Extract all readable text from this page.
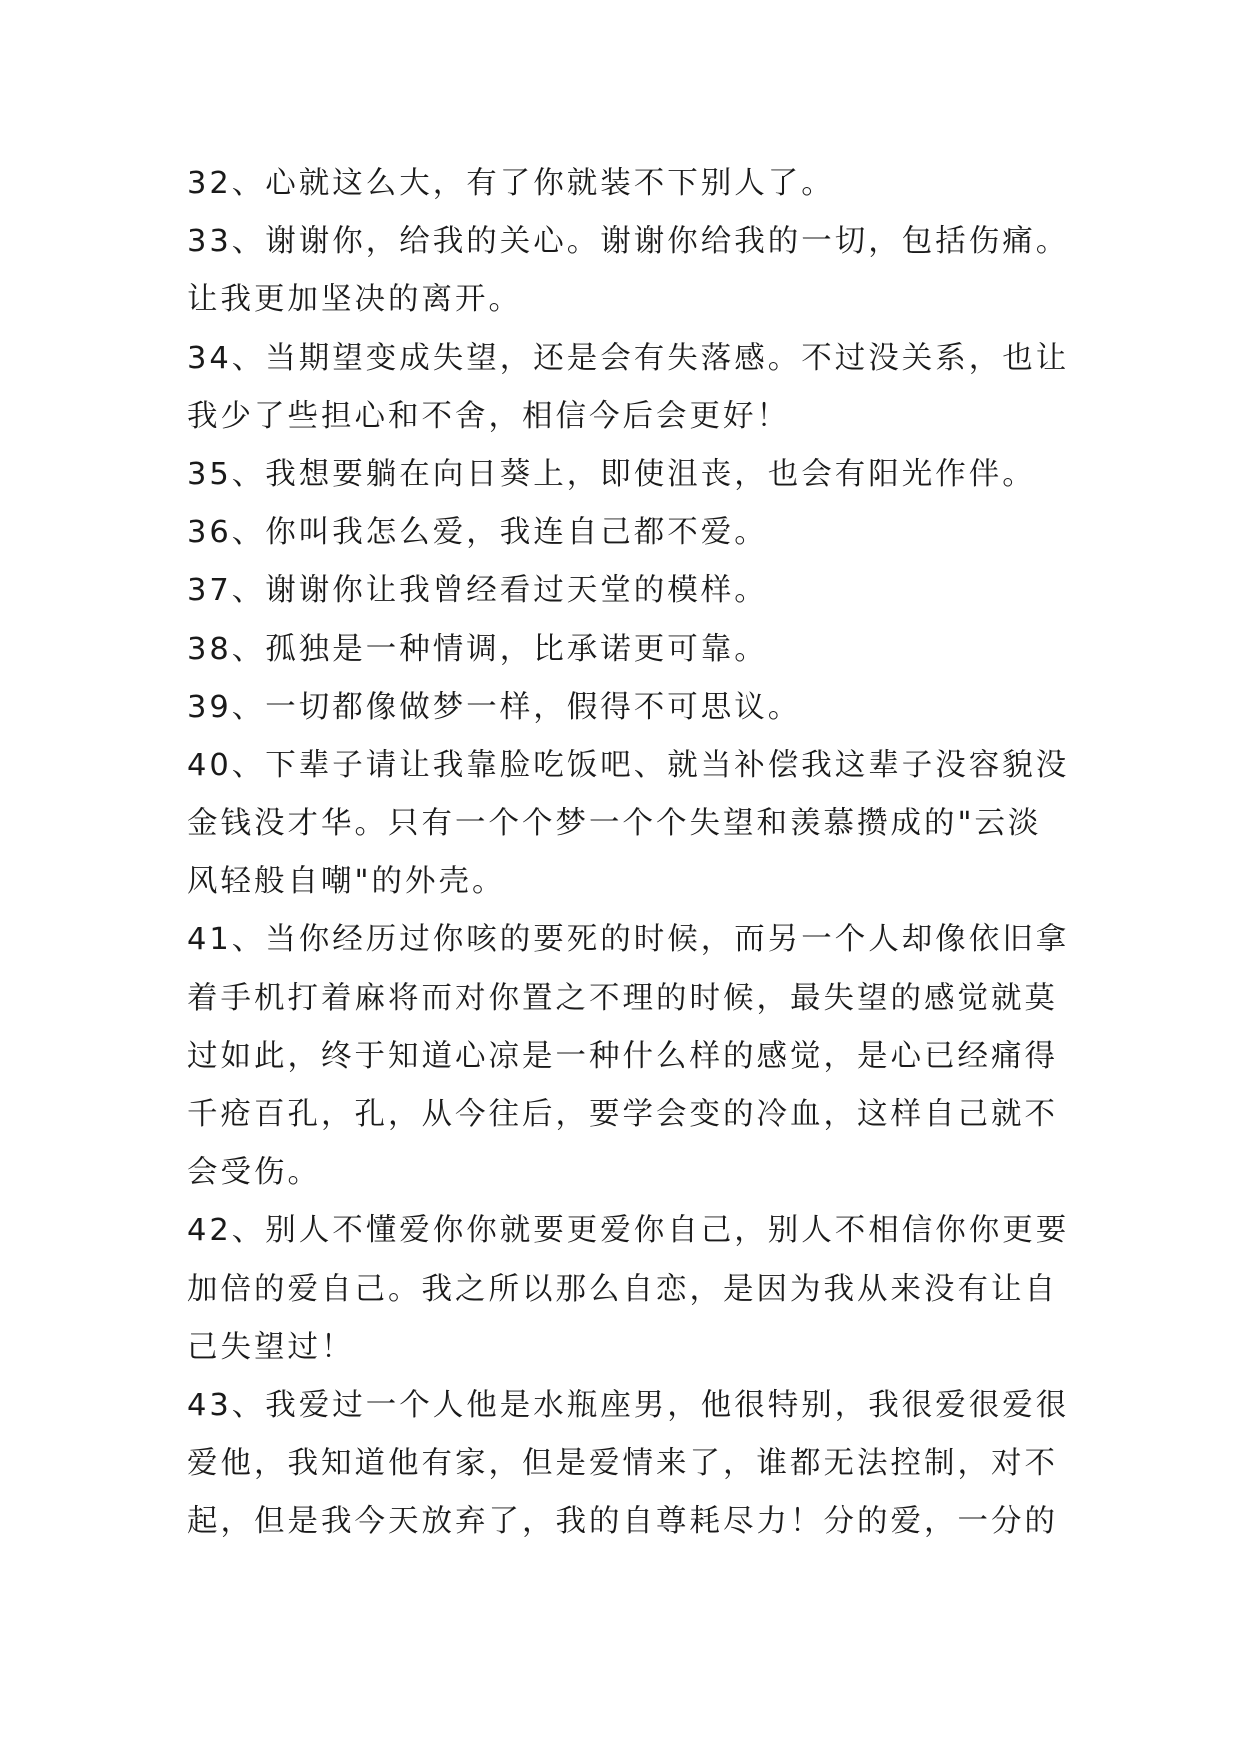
32、心就这么大，有了你就装不下别人了。
33、谢谢你，给我的关心。谢谢你给我的一切，包括伤痛。
让我更加坚决的离开。
34、当期望变成失望，还是会有失落感。不过没关系，也让
我少了些担心和不舍，相信今后会更好！
35、我想要躺在向日葵上，即使沮丧，也会有阳光作伴。
36、你叫我怎么爱，我连自己都不爱。
37、谢谢你让我曾经看过天堂的模样。
38、孤独是一种情调，比承诺更可靠。
39、一切都像做梦一样，假得不可思议。
40、下辈子请让我靠脸吃饭吧、就当补偿我这辈子没容貌没
金钱没才华。只有一个个梦一个个失望和羡慕攒成的"云淡
风轻般自嘲"的外壳。
41、当你经历过你咳的要死的时候，而另一个人却像依旧拿
着手机打着麻将而对你置之不理的时候，最失望的感觉就莫
过如此，终于知道心凉是一种什么样的感觉，是心已经痛得
千疮百孔，孔，从今往后，要学会变的冷血，这样自己就不
会受伤。
42、别人不懂爱你你就要更爱你自己，别人不相信你你更要
加倍的爱自己。我之所以那么自恋，是因为我从来没有让自
己失望过！
43、我爱过一个人他是水瓶座男，他很特别，我很爱很爱很
爱他，我知道他有家，但是爱情来了，谁都无法控制，对不
起，但是我今天放弃了，我的自尊耗尽力！分的爱，一分的
